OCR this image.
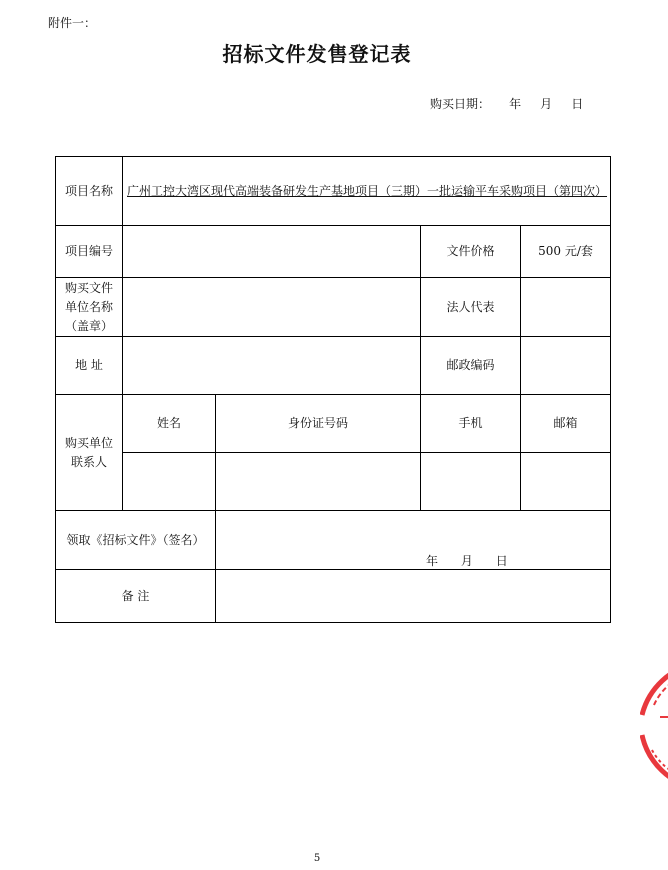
附件一：
招标文件发售登记表
购买日期：     年     月     日
项目名称	广州工控大湾区现代高端装备研发生产基地项目（三期）一批运输平车采购项目（第四次）			
项目编号			文件价格	500 元/套
购买文件单位名称（盖章）			法人代表	
地 址			邮政编码	
购买单位联系人	姓名	身份证号码	手机	邮箱

领取《招标文件》（签名）		年      月      日		

备 注				
5
